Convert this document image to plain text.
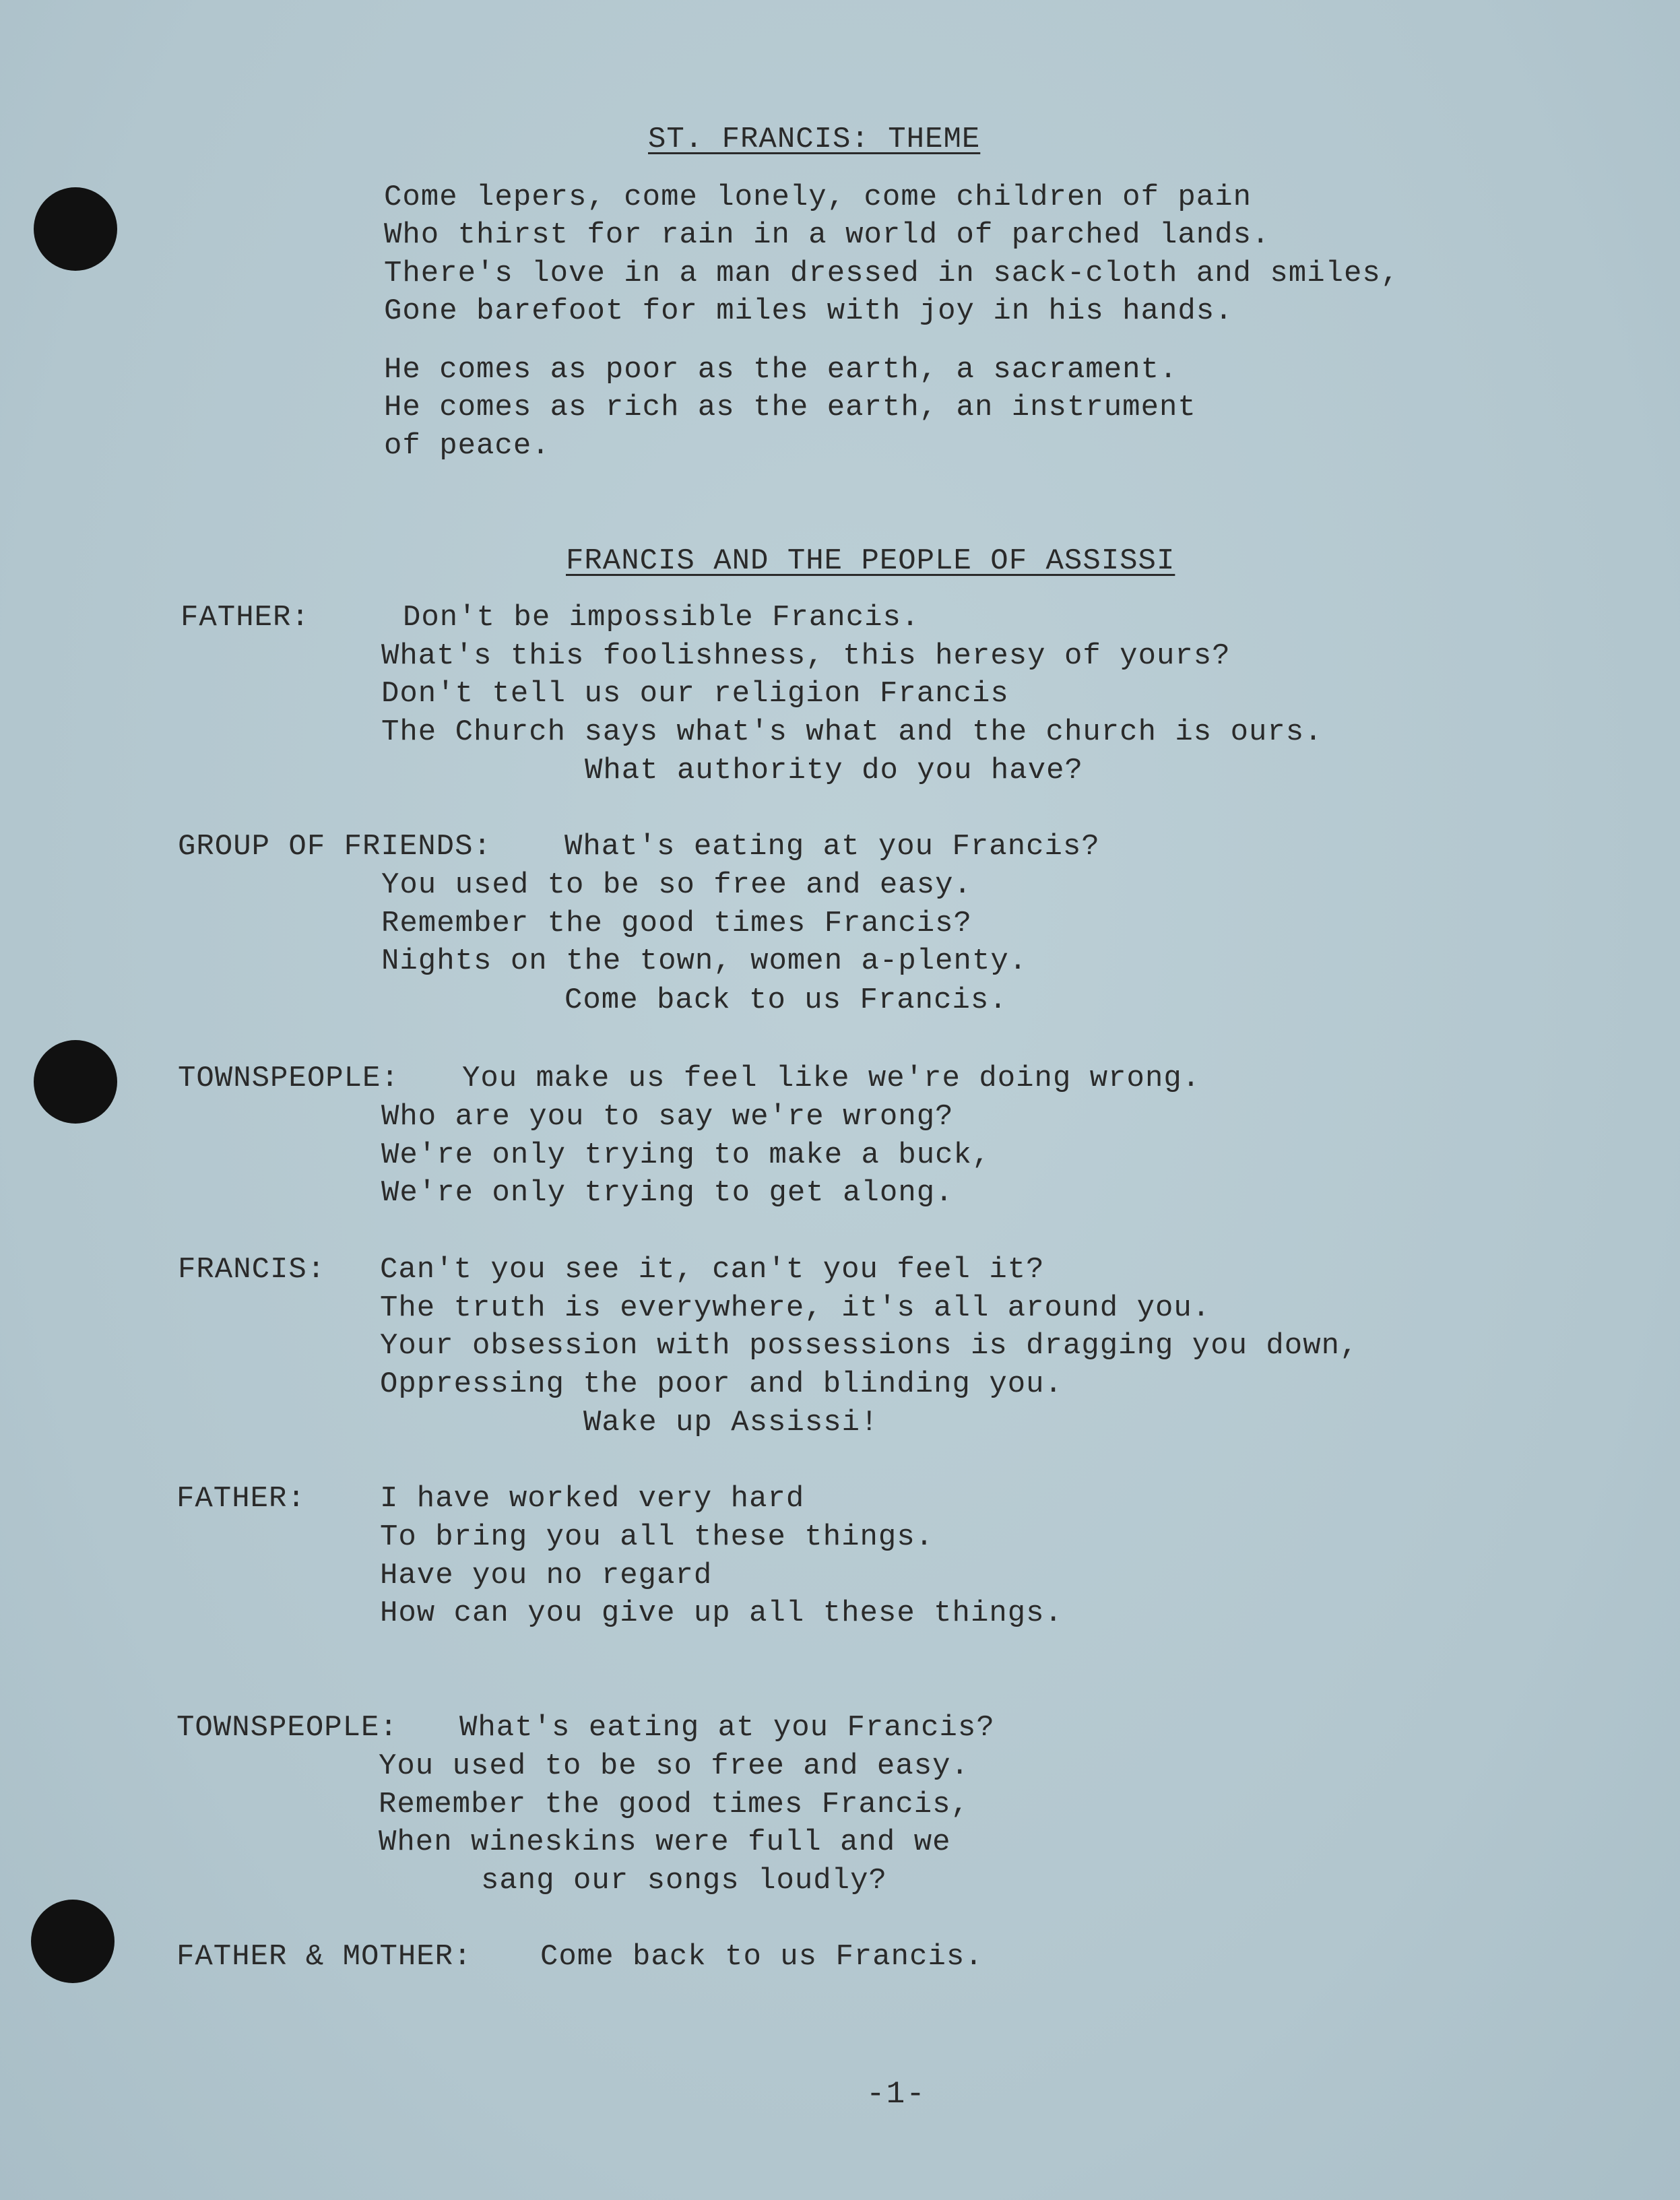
ST. FRANCIS: THEME
Come lepers, come lonely, come children of pain
Who thirst for rain in a world of parched lands.
There's love in a man dressed in sack-cloth and smiles,
Gone barefoot for miles with joy in his hands.
He comes as poor as the earth, a sacrament.
He comes as rich as the earth, an instrument
of peace.
FRANCIS AND THE PEOPLE OF ASSISSI
FATHER:	Don't be impossible Francis.
What's this foolishness, this heresy of yours?
Don't tell us our religion Francis
The Church says what's what and the church is ours.
What authority do you have?
GROUP OF FRIENDS: What's eating at you Francis?
You used to be so free and easy.
Remember the good times Francis?
Nights on the town, women a-plenty.
Come back to us Francis.
TOWNSPEOPLE: You make us feel like we're doing wrong.
Who are you to say we're wrong?
We're only trying to make a buck,
We're only trying to get along.
FRANCIS: Can't you see it, can't you feel it?
The truth is everywhere, it's all around you.
Your obsession with possessions is dragging you down,
Oppressing the poor and blinding you.
Wake up Assissi!
FATHER:	I have worked very hard
To bring you all these things.
Have you no regard
How can you give up all these things.
TOWNSPEOPLE: What's eating at you Francis?
You used to be so free and easy.
Remember the good times Francis,
When wineskins were full and we
sang our songs loudly?
FATHER & MOTHER: Come back to us Francis.
-1-
